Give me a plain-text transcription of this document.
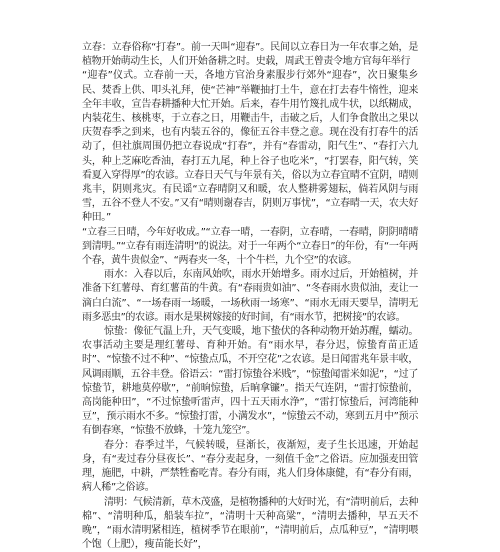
立春：立春俗称“打春”。前一天叫“迎春”。民间以立春日为一年农事之始，是植物开始萌动生长，人们开始备耕之时。史载，周武王曾责令地方官每年举行

“迎春”仪式。立春前一天，各地方官治身素服步行郊外“迎春”，次日聚集乡民、焚香上供、叩头礼拜，使“芒神”举鞭抽打土牛，意在打去春牛惰性，迎来全年丰收，宣告春耕播种大忙开始。后来，春牛用竹篾扎成牛状，以纸糊成，内装花生、核桃枣，于立春之日，用鞭击牛，击破之后，人们争食散出之果以庆贺春季之到来，也有内装五谷的，像征五谷丰登之意。现在没有打春牛的活动了，但社旗周围仍把立春说成“打春”，并有“春雷动，阳气生”、“春打六九头，种上芝麻吃香油，春打五九尾，种上谷子也吃米”，“打罢春，阳气转，笑看夏入穿得厚”的农谚。立春日天气与年景有关，俗以为立春宜晴不宜阴，晴则兆丰，阴则兆灾。有民谣“立春晴阴又和暖，农人整耕雾翅耘，倘若风阴与雨雪，五谷不登人不安。”又有“晴则谢春吉，阴则万事忧”，“立春晴一天，农夫好种田。”

“立春三日晴，今年好收成。”“立春一晴，一春阴，立春晴，一春晴，阴阴晴晴到清明。”“立春有雨连清明”的说法。对于一年两个“立春日”的年份，有“一年两个春，黄牛贵似金”、“两春夹一冬，十个牛栏，九个空”的农谚。

雨水：入春以后，东南风始吹，雨水开始增多。雨水过后，开始植树，并准备下红薯母、育红薯苗的牛黄。有“春雨贵如油”、“冬春雨水贵似油，麦让一滴白白流”、“一场春雨一场暖，一场秋雨一场寒”、“雨水无雨天要旱，清明无雨多恶虫”的农谚。雨水是果树嫁接的好时间，有“雨水节，把树接”的农谚。

惊蛰：像征气温上升，天气变暖，地下蛰伏的各种动物开始苏醒，蠕动。农事活动主要是理红薯母、育种开始。有“雨水早，春分迟，惊蛰育苗正适时”、“惊蛰不过不种”、“惊蛰点瓜，不开空花”之农谚。是日闻雷兆年景丰收，风调雨顺，五谷丰登。俗语云：“雷打惊蛰谷米贱”，“惊蛰闻雷米如泥”，“过了惊蛰节，耕地莫停歇”，“前晌惊蛰，后晌拿镰”。指天气连阴，“雷打惊蛰前，高岗能种田”，“不过惊蛰听雷声，四十五天雨水浄”，“雷打惊蛰后，河湾能种豆”，预示雨水不多。“惊蛰打雷，小满发水”，“惊蛰云不动，寒到五月中”预示有倒春寒，“惊蛰不放蜂，十笼九笼空”。

春分：春季过半，气候转暖，昼渐长，夜渐短，麦子生长迅速，开始起身，有“麦过春分昼夜长”、“春分麦起身，一刻值千金”之俗语。应加强麦田管理，施肥，中耕，严禁牲畜吃青。春分有雨，兆人们身体康健，有“春分有雨，病人稀”之俗谚。

清明：气候清新，草木茂盛，是植物播种的大好时光，有“清明前后，去种棉”、“清明种瓜，船装车拉”，“清明十天种高粱”，“清明去播种，早五天不晚”，“雨水清明紧相连，植树季节在眼前”，“清明前后，点瓜种豆”，“清明喂个饱（上肥），瘦苗能长好”，
